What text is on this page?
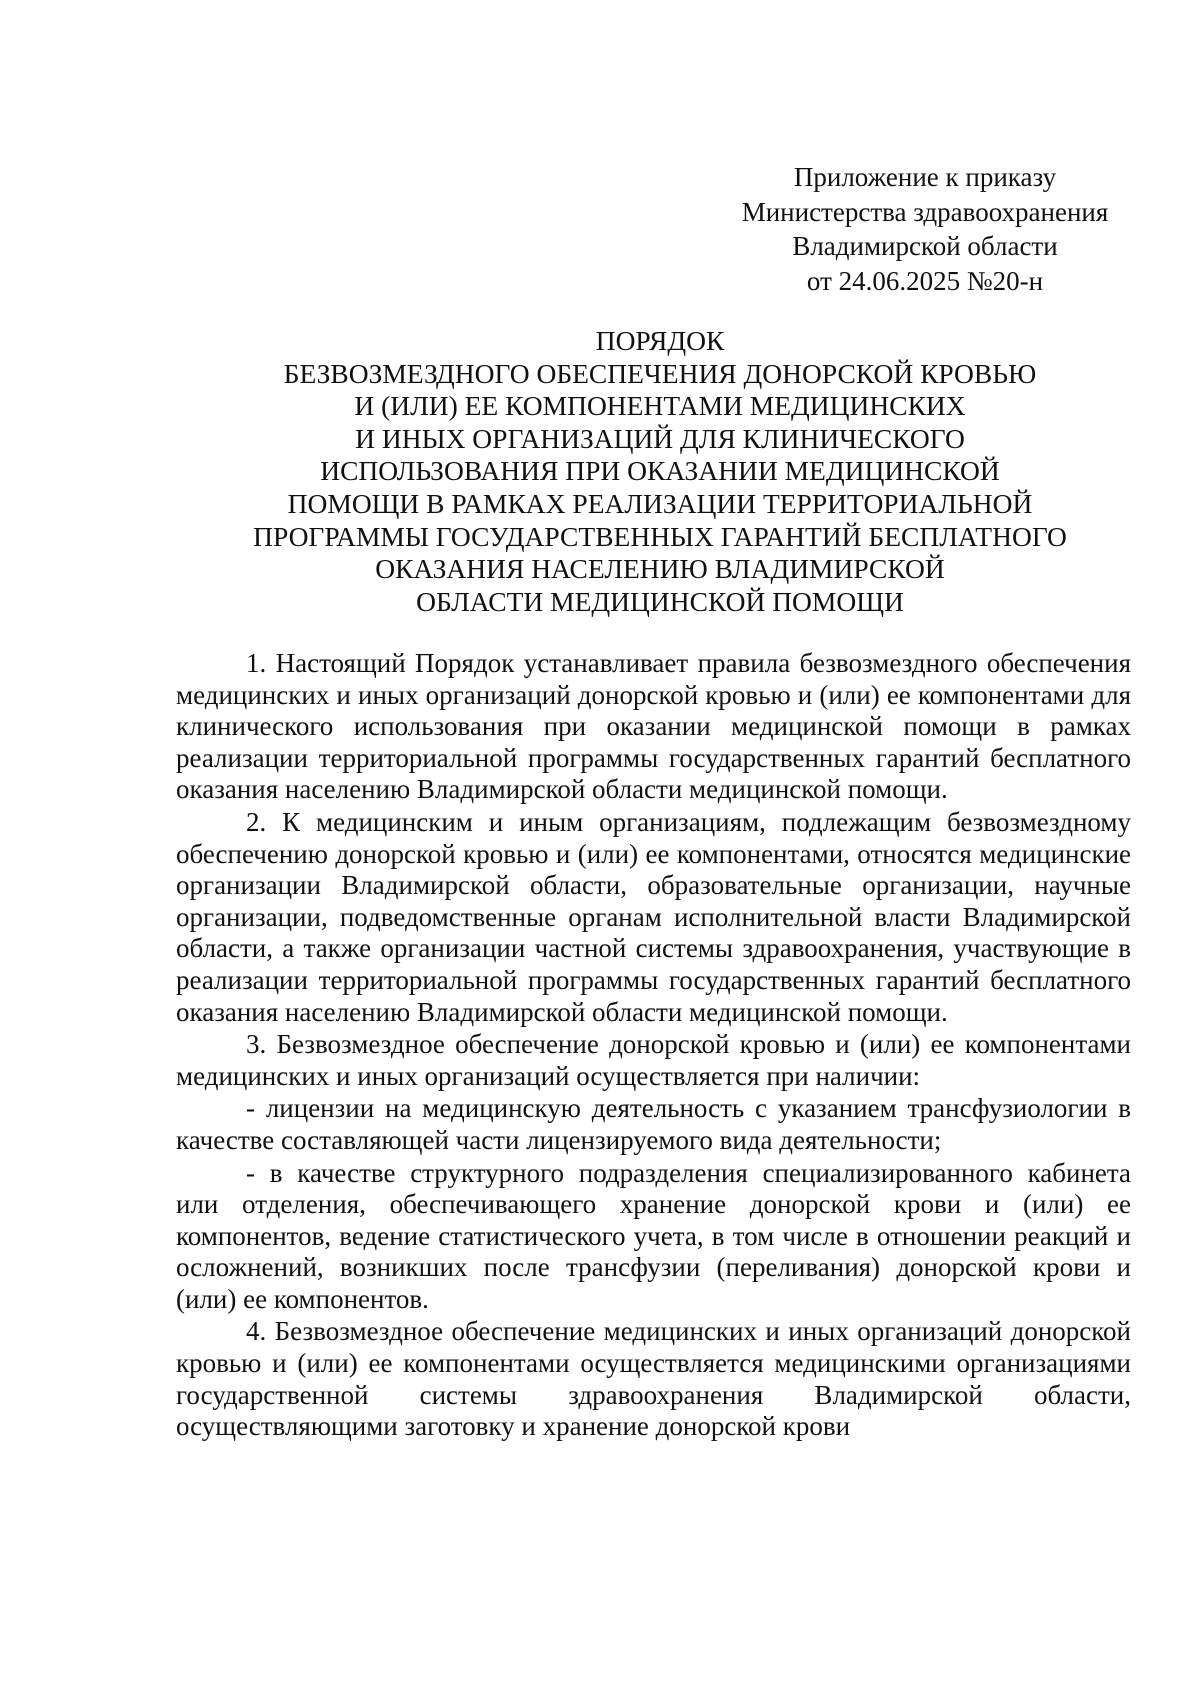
Приложение к приказу
Министерства здравоохранения
Владимирской области
от 24.06.2025 №20-н
ПОРЯДОК
БЕЗВОЗМЕЗДНОГО ОБЕСПЕЧЕНИЯ ДОНОРСКОЙ КРОВЬЮ
И (ИЛИ) ЕЕ КОМПОНЕНТАМИ МЕДИЦИНСКИХ
И ИНЫХ ОРГАНИЗАЦИЙ ДЛЯ КЛИНИЧЕСКОГО
ИСПОЛЬЗОВАНИЯ ПРИ ОКАЗАНИИ МЕДИЦИНСКОЙ
ПОМОЩИ В РАМКАХ РЕАЛИЗАЦИИ ТЕРРИТОРИАЛЬНОЙ
ПРОГРАММЫ ГОСУДАРСТВЕННЫХ ГАРАНТИЙ БЕСПЛАТНОГО
ОКАЗАНИЯ НАСЕЛЕНИЮ ВЛАДИМИРСКОЙ
ОБЛАСТИ МЕДИЦИНСКОЙ ПОМОЩИ

1. Настоящий Порядок устанавливает правила безвозмездного обеспечения медицинских и иных организаций донорской кровью и (или) ее компонентами для клинического использования при оказании медицинской помощи в рамках реализации территориальной программы государственных гарантий бесплатного оказания населению Владимирской области медицинской помощи.

2. К медицинским и иным организациям, подлежащим безвозмездному обеспечению донорской кровью и (или) ее компонентами, относятся медицинские организации Владимирской области, образовательные организации, научные организации, подведомственные органам исполнительной власти Владимирской области, а также организации частной системы здравоохранения, участвующие в реализации территориальной программы государственных гарантий бесплатного оказания населению Владимирской области медицинской помощи.

3. Безвозмездное обеспечение донорской кровью и (или) ее компонентами медицинских и иных организаций осуществляется при наличии:

- лицензии на медицинскую деятельность с указанием трансфузиологии в качестве составляющей части лицензируемого вида деятельности;

- в качестве структурного подразделения специализированного кабинета или отделения, обеспечивающего хранение донорской крови и (или) ее компонентов, ведение статистического учета, в том числе в отношении реакций и осложнений, возникших после трансфузии (переливания) донорской крови и (или) ее компонентов.

4. Безвозмездное обеспечение медицинских и иных организаций донорской кровью и (или) ее компонентами осуществляется медицинскими организациями государственной системы здравоохранения Владимирской области, осуществляющими заготовку и хранение донорской крови
